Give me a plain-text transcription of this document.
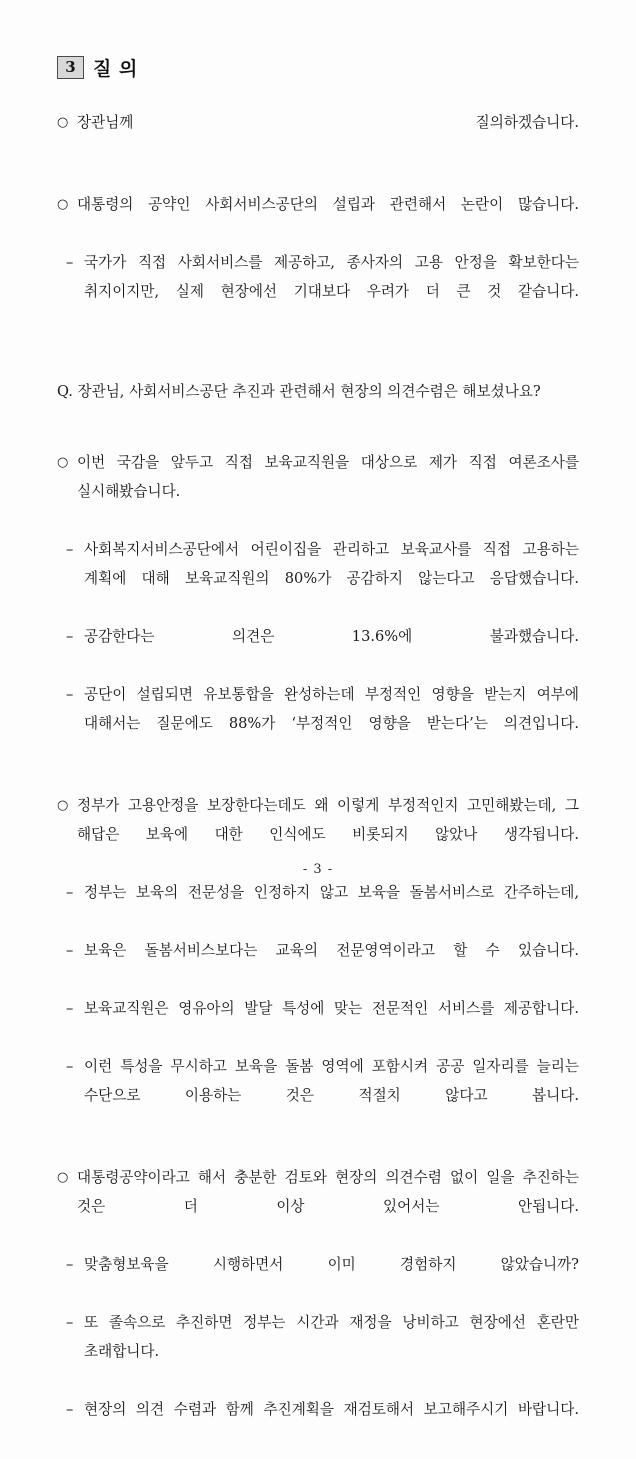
3 질 의

○ 장관님께 질의하겠습니다.

○ 대통령의 공약인 사회서비스공단의 설립과 관련해서 논란이 많습니다.

– 국가가 직접 사회서비스를 제공하고, 종사자의 고용 안정을 확보한다는 취지이지만, 실제 현장에선 기대보다 우려가 더 큰 것 같습니다.

Q. 장관님, 사회서비스공단 추진과 관련해서 현장의 의견수렴은 해보셨나요?

○ 이번 국감을 앞두고 직접 보육교직원을 대상으로 제가 직접 여론조사를 실시해봤습니다.

– 사회복지서비스공단에서 어린이집을 관리하고 보육교사를 직접 고용하는 계획에 대해 보육교직원의 80%가 공감하지 않는다고 응답했습니다.

– 공감한다는 의견은 13.6%에 불과했습니다.

– 공단이 설립되면 유보통합을 완성하는데 부정적인 영향을 받는지 여부에 대해서는 질문에도 88%가 ‘부정적인 영향을 받는다’는 의견입니다.

○ 정부가 고용안정을 보장한다는데도 왜 이렇게 부정적인지 고민해봤는데, 그 해답은 보육에 대한 인식에도 비롯되지 않았나 생각됩니다.

– 정부는 보육의 전문성을 인정하지 않고 보육을 돌봄서비스로 간주하는데,

– 보육은 돌봄서비스보다는 교육의 전문영역이라고 할 수 있습니다.

– 보육교직원은 영유아의 발달 특성에 맞는 전문적인 서비스를 제공합니다.

– 이런 특성을 무시하고 보육을 돌봄 영역에 포함시켜 공공 일자리를 늘리는 수단으로 이용하는 것은 적절치 않다고 봅니다.

○ 대통령공약이라고 해서 충분한 검토와 현장의 의견수렴 없이 일을 추진하는 것은 더 이상 있어서는 안됩니다.

– 맞춤형보육을 시행하면서 이미 경험하지 않았습니까?

– 또 졸속으로 추진하면 정부는 시간과 재정을 낭비하고 현장에선 혼란만 초래합니다.

– 현장의 의견 수렴과 함께 추진계획을 재검토해서 보고해주시기 바랍니다.

- 3 -
